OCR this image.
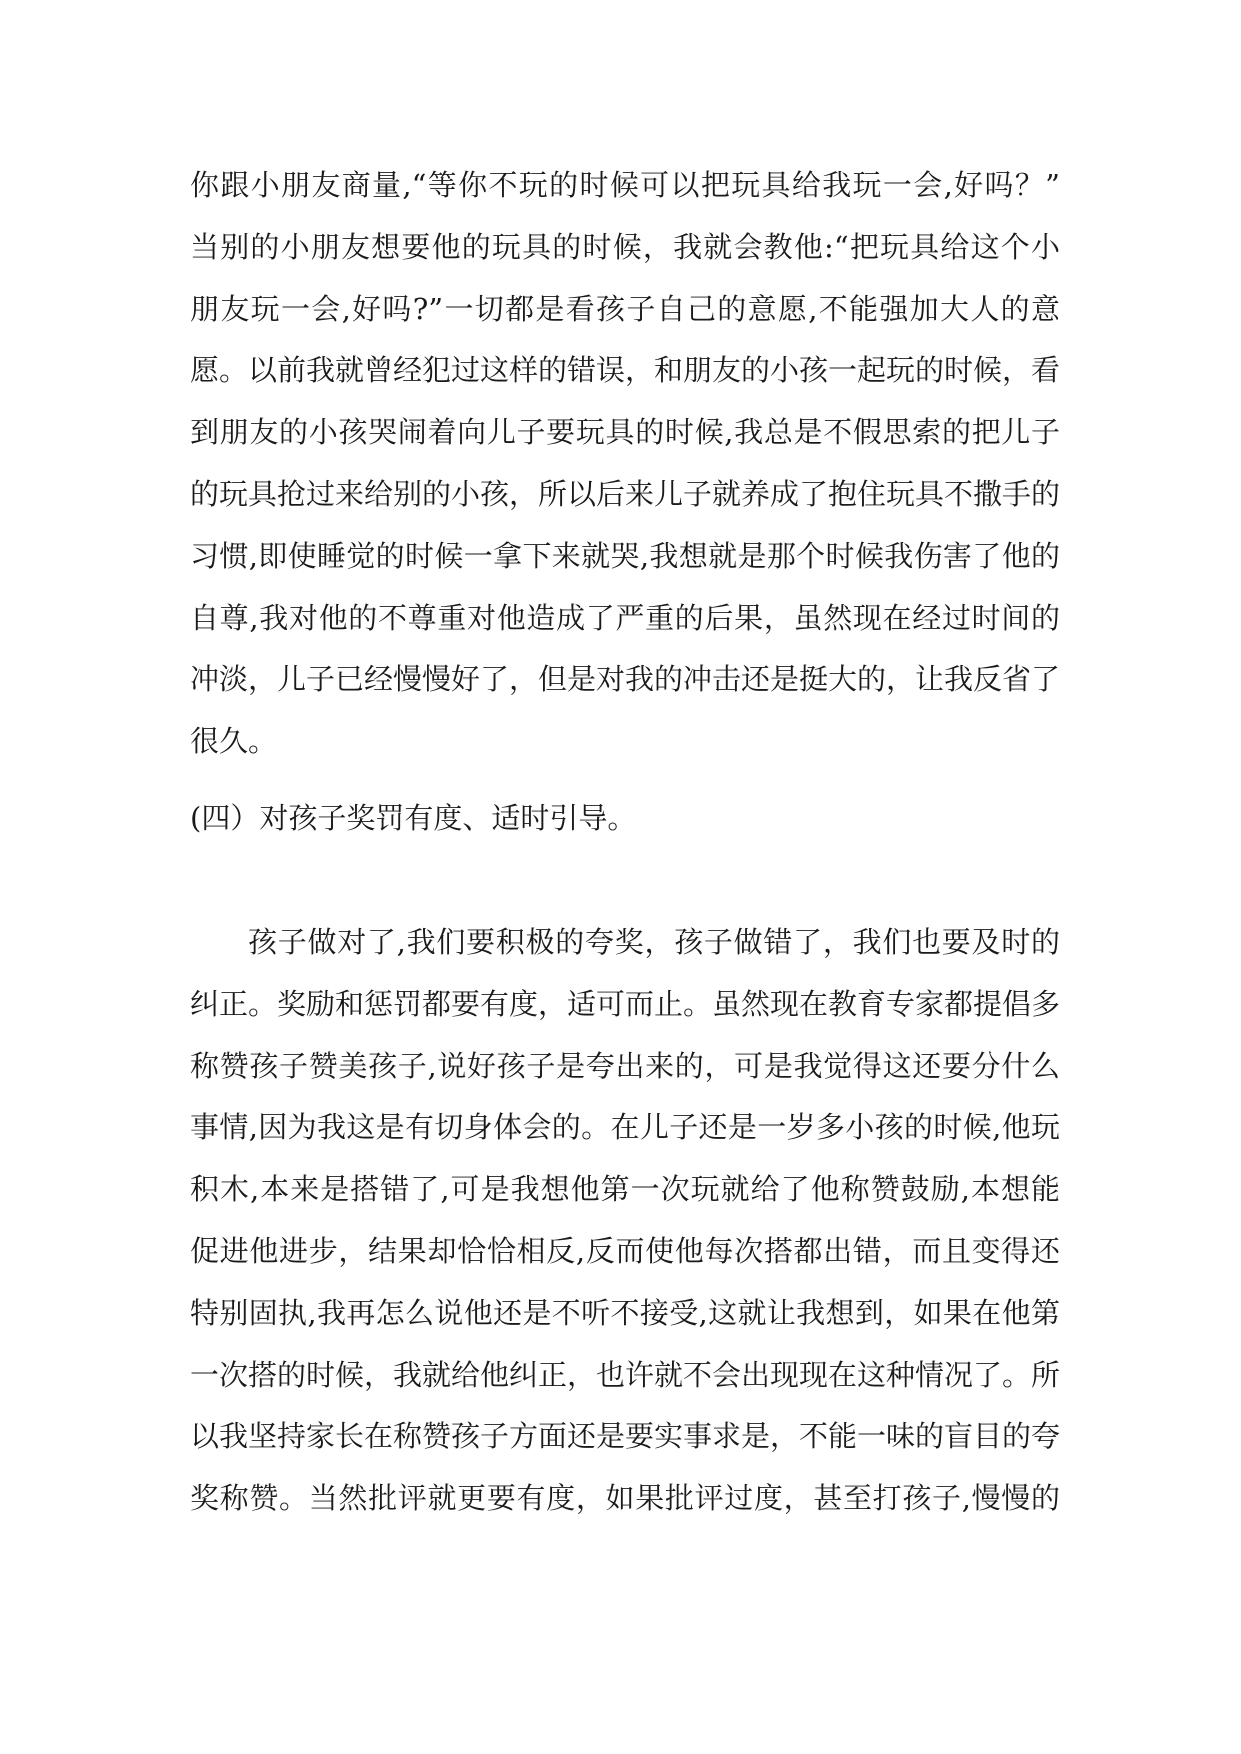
你跟小朋友商量,“等你不玩的时候可以把玩具给我玩一会,好吗？”
当别的小朋友想要他的玩具的时候，我就会教他:“把玩具给这个小
朋友玩一会,好吗?”一切都是看孩子自己的意愿,不能强加大人的意
愿。以前我就曾经犯过这样的错误，和朋友的小孩一起玩的时候，看
到朋友的小孩哭闹着向儿子要玩具的时候,我总是不假思索的把儿子
的玩具抢过来给别的小孩，所以后来儿子就养成了抱住玩具不撒手的
习惯,即使睡觉的时候一拿下来就哭,我想就是那个时候我伤害了他的
自尊,我对他的不尊重对他造成了严重的后果，虽然现在经过时间的
冲淡，儿子已经慢慢好了，但是对我的冲击还是挺大的，让我反省了
很久。
(四）对孩子奖罚有度、适时引导。
孩子做对了,我们要积极的夸奖，孩子做错了，我们也要及时的
纠正。奖励和惩罚都要有度，适可而止。虽然现在教育专家都提倡多
称赞孩子赞美孩子,说好孩子是夸出来的，可是我觉得这还要分什么
事情,因为我这是有切身体会的。在儿子还是一岁多小孩的时候,他玩
积木,本来是搭错了,可是我想他第一次玩就给了他称赞鼓励,本想能
促进他进步，结果却恰恰相反,反而使他每次搭都出错，而且变得还
特别固执,我再怎么说他还是不听不接受,这就让我想到，如果在他第
一次搭的时候，我就给他纠正，也许就不会出现现在这种情况了。所
以我坚持家长在称赞孩子方面还是要实事求是，不能一味的盲目的夸
奖称赞。当然批评就更要有度，如果批评过度，甚至打孩子,慢慢的
